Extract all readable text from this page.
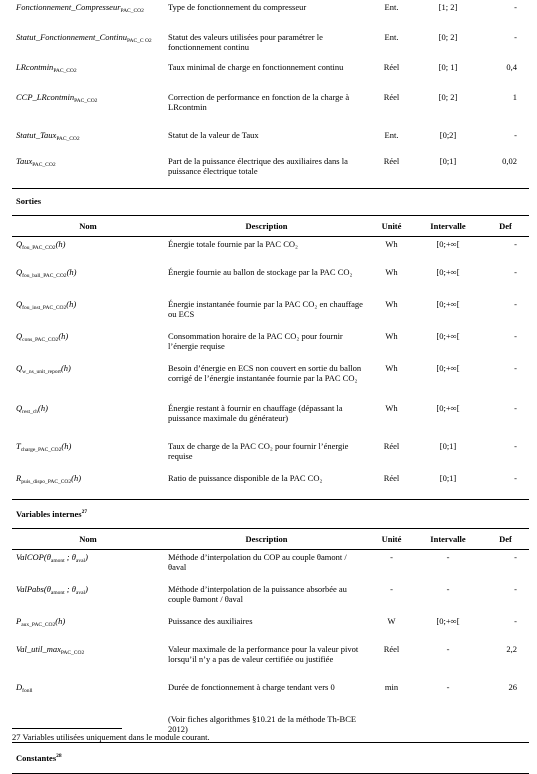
Fonctionnement_Compresseur$_{PAC\_CO2}$	Type de fonctionnement du compresseur	Ent.	[1; 2]	-
Statut_Fonctionnement_Continu$_{PAC\_C O2}$	Statut des valeurs utilisées pour paramétrer le fonctionnement continu	Ent.	[0; 2]	-
LRcontmin$_{PAC\_CO2}$	Taux minimal de charge en fonctionnement continu	Réel	[0; 1]	0,4
CCP_LRcontmin$_{PAC\_CO2}$	Correction de performance en fonction de la charge à LRcontmin	Réel	[0; 2]	1
Statut_Taux$_{PAC\_CO2}$	Statut de la valeur de Taux	Ent.	[0;2]	-
Taux$_{PAC\_CO2}$	Part de la puissance électrique des auxiliaires dans la puissance électrique totale	Réel	[0;1]	0,02
Sorties				
Nom	Description	Unité	Intervalle	Def
$Q_{fou\_PAC\_CO2}(h)$	Énergie totale fournie par la PAC CO₂	Wh	[0;+∞[	-
$Q_{fou\_ball\_PAC\_CO2}(h)$	Énergie fournie au ballon de stockage par la PAC CO₂	Wh	[0;+∞[	-
$Q_{fou\_inst\_PAC\_CO2}(h)$	Énergie instantanée fournie par la PAC CO₂ en chauffage ou ECS	Wh	[0;+∞[	-
$Q_{cons\_PAC\_CO2}(h)$	Consommation horaire de la PAC CO₂ pour fournir l’énergie requise	Wh	[0;+∞[	-
$Q_{w\_ns\_unit\_report}(h)$	Besoin d’énergie en ECS non couvert en sortie du ballon corrigé de l’énergie instantanée fournie par la PAC CO₂	Wh	[0;+∞[	-
$Q_{rest\_ch}(h)$	Énergie restant à fournir en chauffage (dépassant la puissance maximale du générateur)	Wh	[0;+∞[	-
$T_{charge\_PAC\_CO2}(h)$	Taux de charge de la PAC CO₂ pour fournir l’énergie requise	Réel	[0;1]	-
$R_{puis\_dispo\_PAC\_CO2}(h)$	Ratio de puissance disponible de la PAC CO₂	Réel	[0;1]	-
Variables internes$^{27}$
Nom	Description	Unité	Intervalle	Def
$ValCOP(\theta_{amont}$ ; $\theta_{aval}$)	Méthode d’interpolation du COP au couple θamont / θaval	-	-	-
$ValPabs(\theta_{amont}$ ; $\theta_{aval}$)	Méthode d’interpolation de la puissance absorbée au couple θamont / θaval	-	-	-
$P_{aux\_PAC\_CO2}(h)$	Puissance des auxiliaires	W	[0;+∞[	-
$Val\_util\_\max_{PAC\_CO2}$	Valeur maximale de la performance pour la valeur pivot lorsqu’il n’y a pas de valeur certifiée ou justifiée	Réel	-	2,2
$D_{fonll}$	Durée de fonctionnement à charge tendant vers 0	min	-	26
	(Voir fiches algorithmes §10.21 de la méthode Th-BCE 2012)			
Constantes$^{28}$
27 Variables utilisées uniquement dans le module courant.
